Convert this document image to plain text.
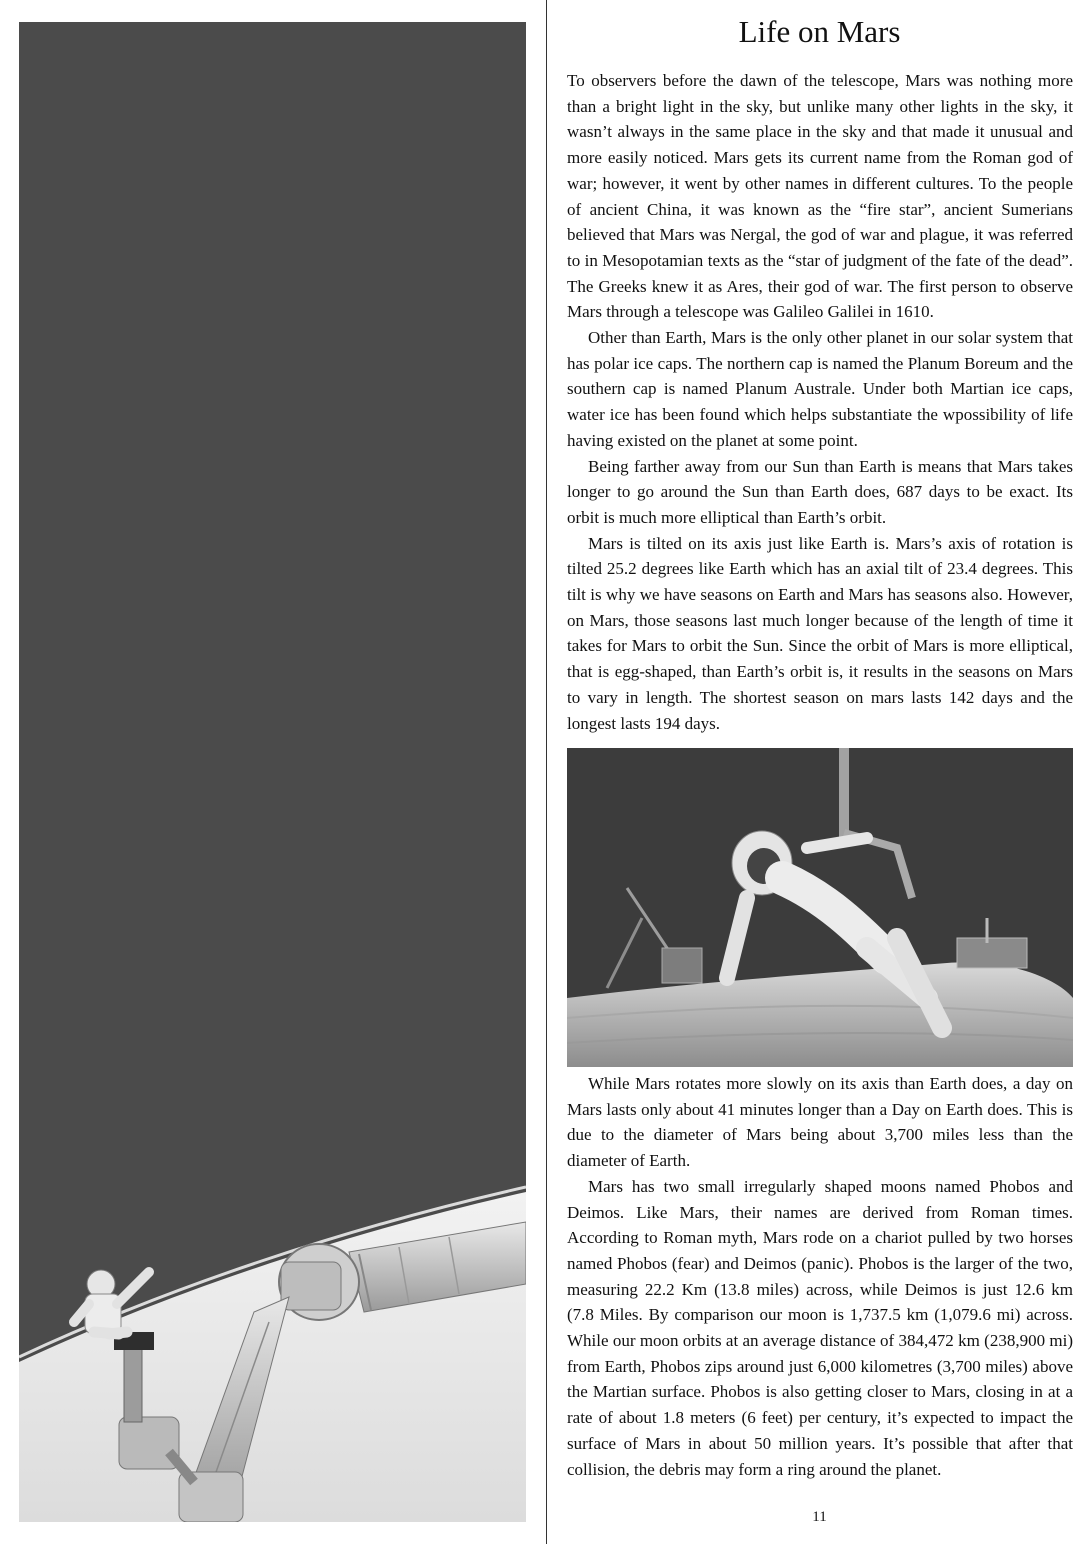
Life on Mars

To observers before the dawn of the telescope, Mars was nothing more than a bright light in the sky, but unlike many other lights in the sky, it wasn’t always in the same place in the sky and that made it unusual and more easily noticed. Mars gets its current name from the Roman god of war; however, it went by other names in different cultures. To the people of ancient China, it was known as the “fire star”, ancient Sumerians believed that Mars was Nergal, the god of war and plague, it was referred to in Mesopotamian texts as the “star of judgment of the fate of the dead”. The Greeks knew it as Ares, their god of war. The first person to observe Mars through a telescope was Galileo Galilei in 1610.

Other than Earth, Mars is the only other planet in our solar system that has polar ice caps. The northern cap is named the Planum Boreum and the southern cap is named Planum Australe. Under both Martian ice caps, water ice has been found which helps substantiate the wpossibility of life having existed on the planet at some point.

Being farther away from our Sun than Earth is means that Mars takes longer to go around the Sun than Earth does, 687 days to be exact. Its orbit is much more elliptical than Earth’s orbit.

Mars is tilted on its axis just like Earth is. Mars’s axis of rotation is tilted 25.2 degrees like Earth which has an axial tilt of 23.4 degrees. This tilt is why we have seasons on Earth and Mars has seasons also. However, on Mars, those seasons last much longer because of the length of time it takes for Mars to orbit the Sun. Since the orbit of Mars is more elliptical, that is egg-shaped, than Earth’s orbit is, it results in the seasons on Mars to vary in length. The shortest season on mars lasts 142 days and the longest lasts 194 days.

While Mars rotates more slowly on its axis than Earth does, a day on Mars lasts only about 41 minutes longer than a Day on Earth does. This is due to the diameter of Mars being about 3,700 miles less than the diameter of Earth.

Mars has two small irregularly shaped moons named Phobos and Deimos. Like Mars, their names are derived from Roman times. According to Roman myth, Mars rode on a chariot pulled by two horses named Phobos (fear) and Deimos (panic). Phobos is the larger of the two, measuring 22.2 Km (13.8 miles) across, while Deimos is just 12.6 km (7.8 Miles. By comparison our moon is 1,737.5 km (1,079.6 mi) across. While our moon orbits at an average distance of 384,472 km (238,900 mi) from Earth, Phobos zips around just 6,000 kilometres (3,700 miles) above the Martian surface. Phobos is also getting closer to Mars, closing in at a rate of about 1.8 meters (6 feet) per century, it’s expected to impact the surface of Mars in about 50 million years. It’s possible that after that collision, the debris may form a ring around the planet.

11
